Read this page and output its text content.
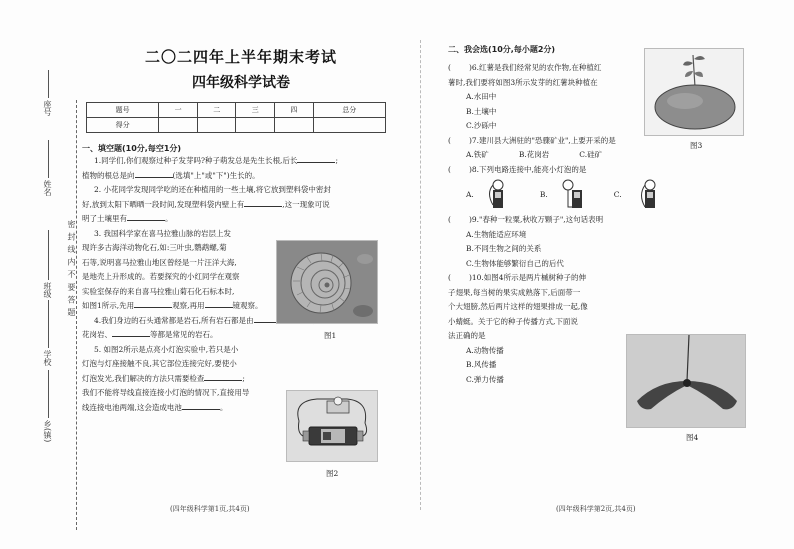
座号
姓名
班级
学校
乡(镇)
密 封 线 内 不 要 答 题
二〇二四年上半年期末考试
四年级科学试卷
题号	一	二	三	四	总分
得分					
一、填空题(10分,每空1分)
1.同学们,你们观察过种子发芽吗?种子萌发总是先生长根,后长	;
植物的根总是向	(选填"上"或"下")生长的。
2. 小花同学发现同学吃的还在种植用的一些土壤,将它放到塑料袋中密封
好,放到太阳下晒晒一段时间,发现塑料袋内壁上有	,这一现象可说
明了土壤里有	。
3. 我国科学家在喜马拉雅山脉的岩层上发
现许多古海洋动物化石,如:三叶虫,鹦鹉螺,菊
石等,说明喜马拉雅山地区曾经是一片汪洋大海,
是地壳上升形成的。若要探究的小红同学在观察
实验室保存的来自喜马拉雅山菊石化石标本时,
如图1所示,先用	观察,再用	镜观察。
4.我们身边的石头通常都是岩石,所有岩石都是由
花岗岩、	等都是常见的岩石。
5. 如图2所示是点亮小灯泡实验中,若只是小
灯泡与灯座接触不良,其它部位连接完好,要使小
灯泡发光,我们解决的方法只需要检查	;
我们不能将导线直接连接小灯泡的情况下,直接用导
线连接电池两端,这会造成电池	。
图1
图2
(四年级科学第1页,共4页)
二、我会选(10分,每小题2分)
( )6.红薯是我们经常见的农作物,在种植红
薯时,我们要将如图3所示发芽的红薯块种植在
A.水田中
B.土壤中
C.沙砾中
( )7.建川县大洲驻的"恐骤矿业",上要开采的是
A.铁矿	B.花岗岩	C.硅矿
( )8.下列电路连接中,能亮小灯泡的是
A.	B.	C.
( )9."春种一粒粟,秋收万颗子",这句话表明
A.生物能适应环境
B.不同生物之间的关系
C.生物体能够繁衍自己的后代
( )10.如图4所示是两片槭树种子的伸
子翅果,每当树的果实成熟落下,后面带一
个大翅膀,然后两片这样的翅果排成一起,像
小蜻蜓。关于它的种子传播方式,下面说
法正确的是
A.动物传播
B.风传播
C.弹力传播
图3
图4
(四年级科学第2页,共4页)
